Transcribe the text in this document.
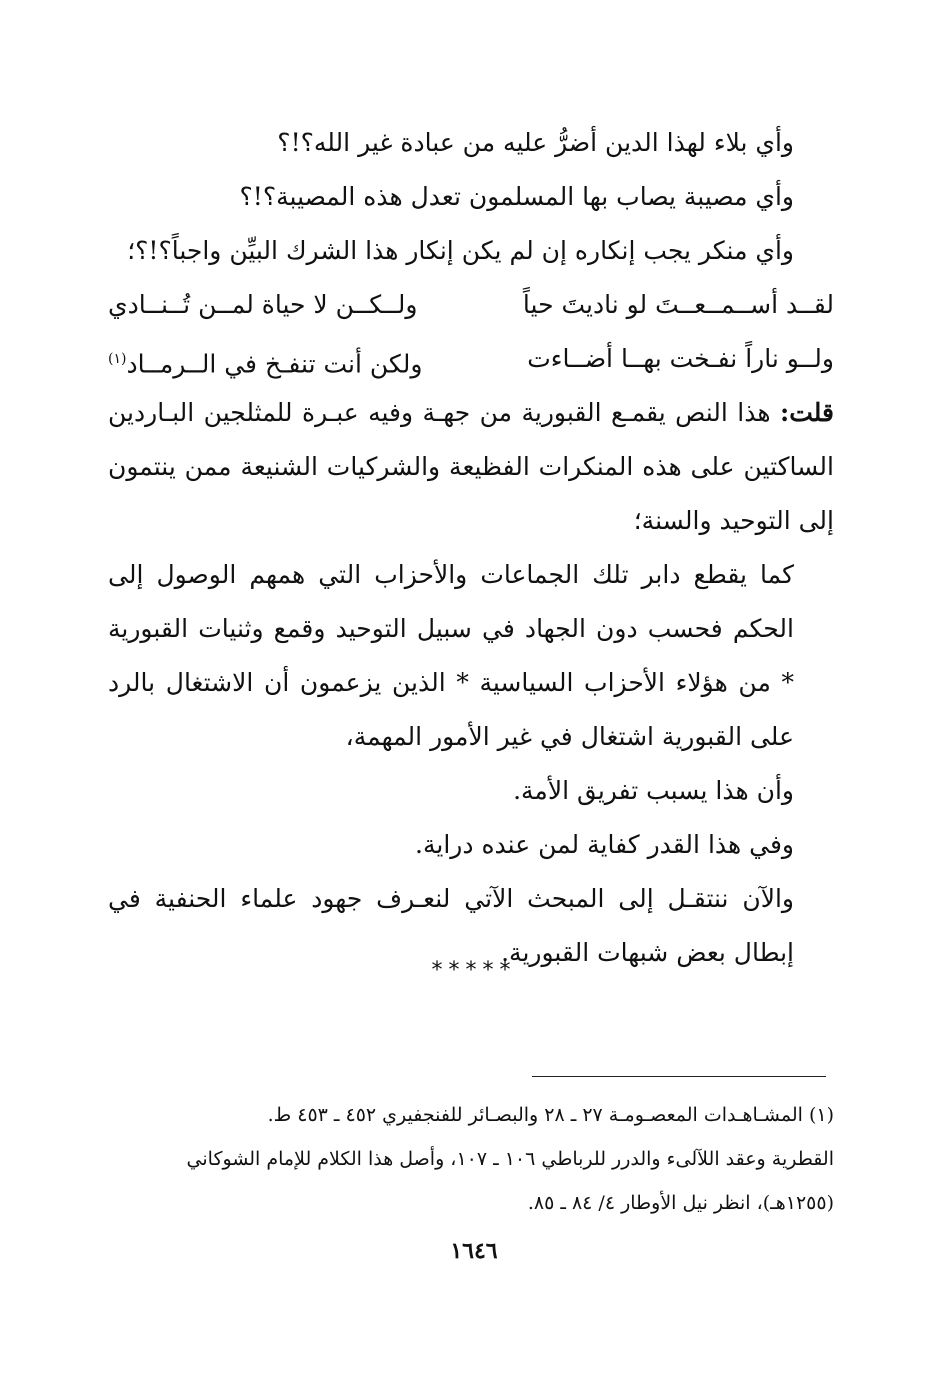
وأي بلاء لهذا الدين أضرُّ عليه من عبادة غير الله؟!؟
وأي مصيبة يصاب بها المسلمون تعدل هذه المصيبة؟!؟
وأي منكر يجب إنكاره إن لم يكن إنكار هذا الشرك البيِّن واجباً؟!؟؛
لقــد أســمــعــتَ لو ناديتَ حياً
ولــكــن لا حياة لمــن تُــنــادي
ولــو ناراً نفـخت بهــا أضــاءت
ولكن أنت تنفـخ في الــرمــاد$^{(١)}$

قلت: هذا النص يقمـع القبورية من جهـة وفيه عبـرة للمثلجين البـاردين الساكتين على هذه المنكرات الفظيعة والشركيات الشنيعة ممن ينتمون إلى التوحيد والسنة؛

كما يقطع دابر تلك الجماعات والأحزاب التي همهم الوصول إلى الحكم فحسب دون الجهاد في سبيل التوحيد وقمع وثنيات القبورية * من هؤلاء الأحزاب السياسية * الذين يزعمون أن الاشتغال بالرد على القبورية اشتغال في غير الأمور المهمة،

وأن هذا يسبب تفريق الأمة.
وفي هذا القدر كفاية لمن عنده دراية.

والآن ننتقـل إلى المبحث الآتي لنعـرف جهود علماء الحنفية في إبطال بعض شبهات القبورية.

*****
(١) المشـاهـدات المعصـومـة ٢٧ ـ ٢٨ والبصـائر للفنجفيري ٤٥٢ ـ ٤٥٣ ط.
القطرية وعقد اللآلىء والدرر للرباطي ١٠٦ ـ ١٠٧، وأصل هذا الكلام للإمام الشوكاني
(١٢٥٥هـ)، انظر نيل الأوطار ٤/ ٨٤ ـ ٨٥.
١٦٤٦
